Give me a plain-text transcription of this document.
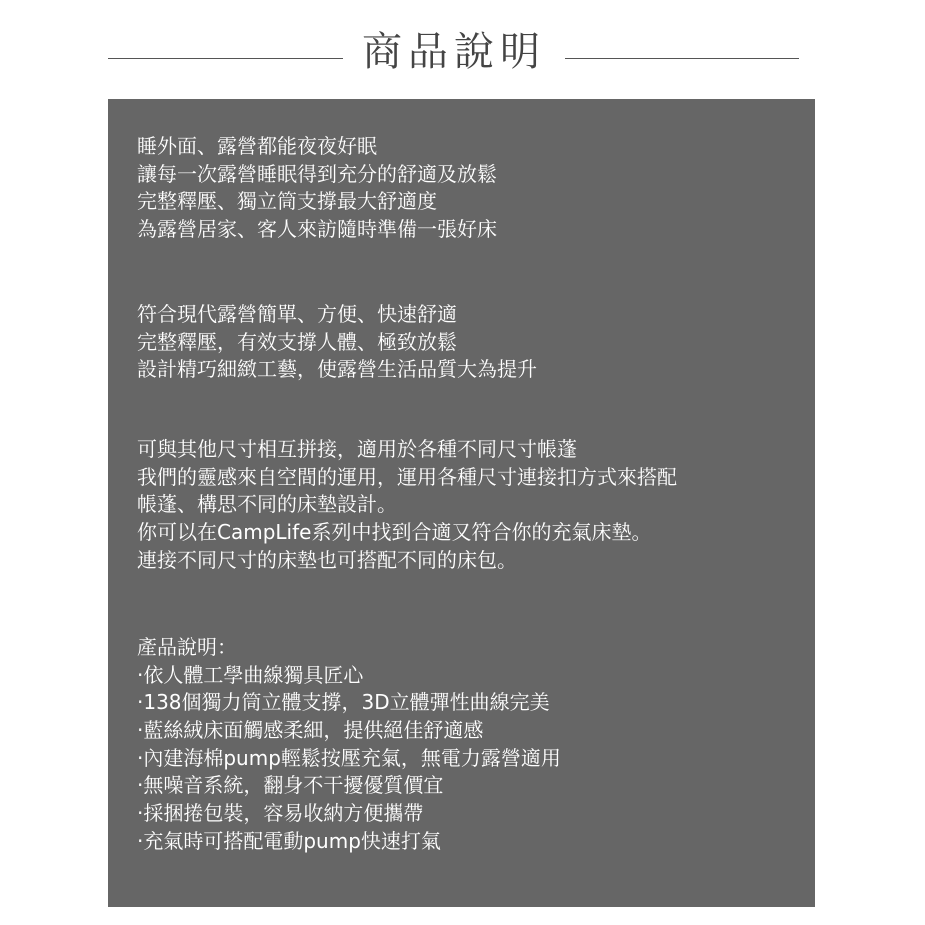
商品說明
睡外面、露營都能夜夜好眠
讓每一次露營睡眠得到充分的舒適及放鬆
完整釋壓、獨立筒支撐最大舒適度
為露營居家、客人來訪隨時準備一張好床
符合現代露營簡單、方便、快速舒適
完整釋壓，有效支撐人體、極致放鬆
設計精巧細緻工藝，使露營生活品質大為提升
可與其他尺寸相互拼接，適用於各種不同尺寸帳蓬
我們的靈感來自空間的運用，運用各種尺寸連接扣方式來搭配
帳蓬、構思不同的床墊設計。
你可以在CampLife系列中找到合適又符合你的充氣床墊。
連接不同尺寸的床墊也可搭配不同的床包。
產品說明：
·依人體工學曲線獨具匠心
·138個獨力筒立體支撐，3D立體彈性曲線完美
·藍絲絨床面觸感柔細，提供絕佳舒適感
·內建海棉pump輕鬆按壓充氣，無電力露營適用
·無噪音系統，翻身不干擾優質價宜
·採捆捲包裝，容易收納方便攜帶
·充氣時可搭配電動pump快速打氣
